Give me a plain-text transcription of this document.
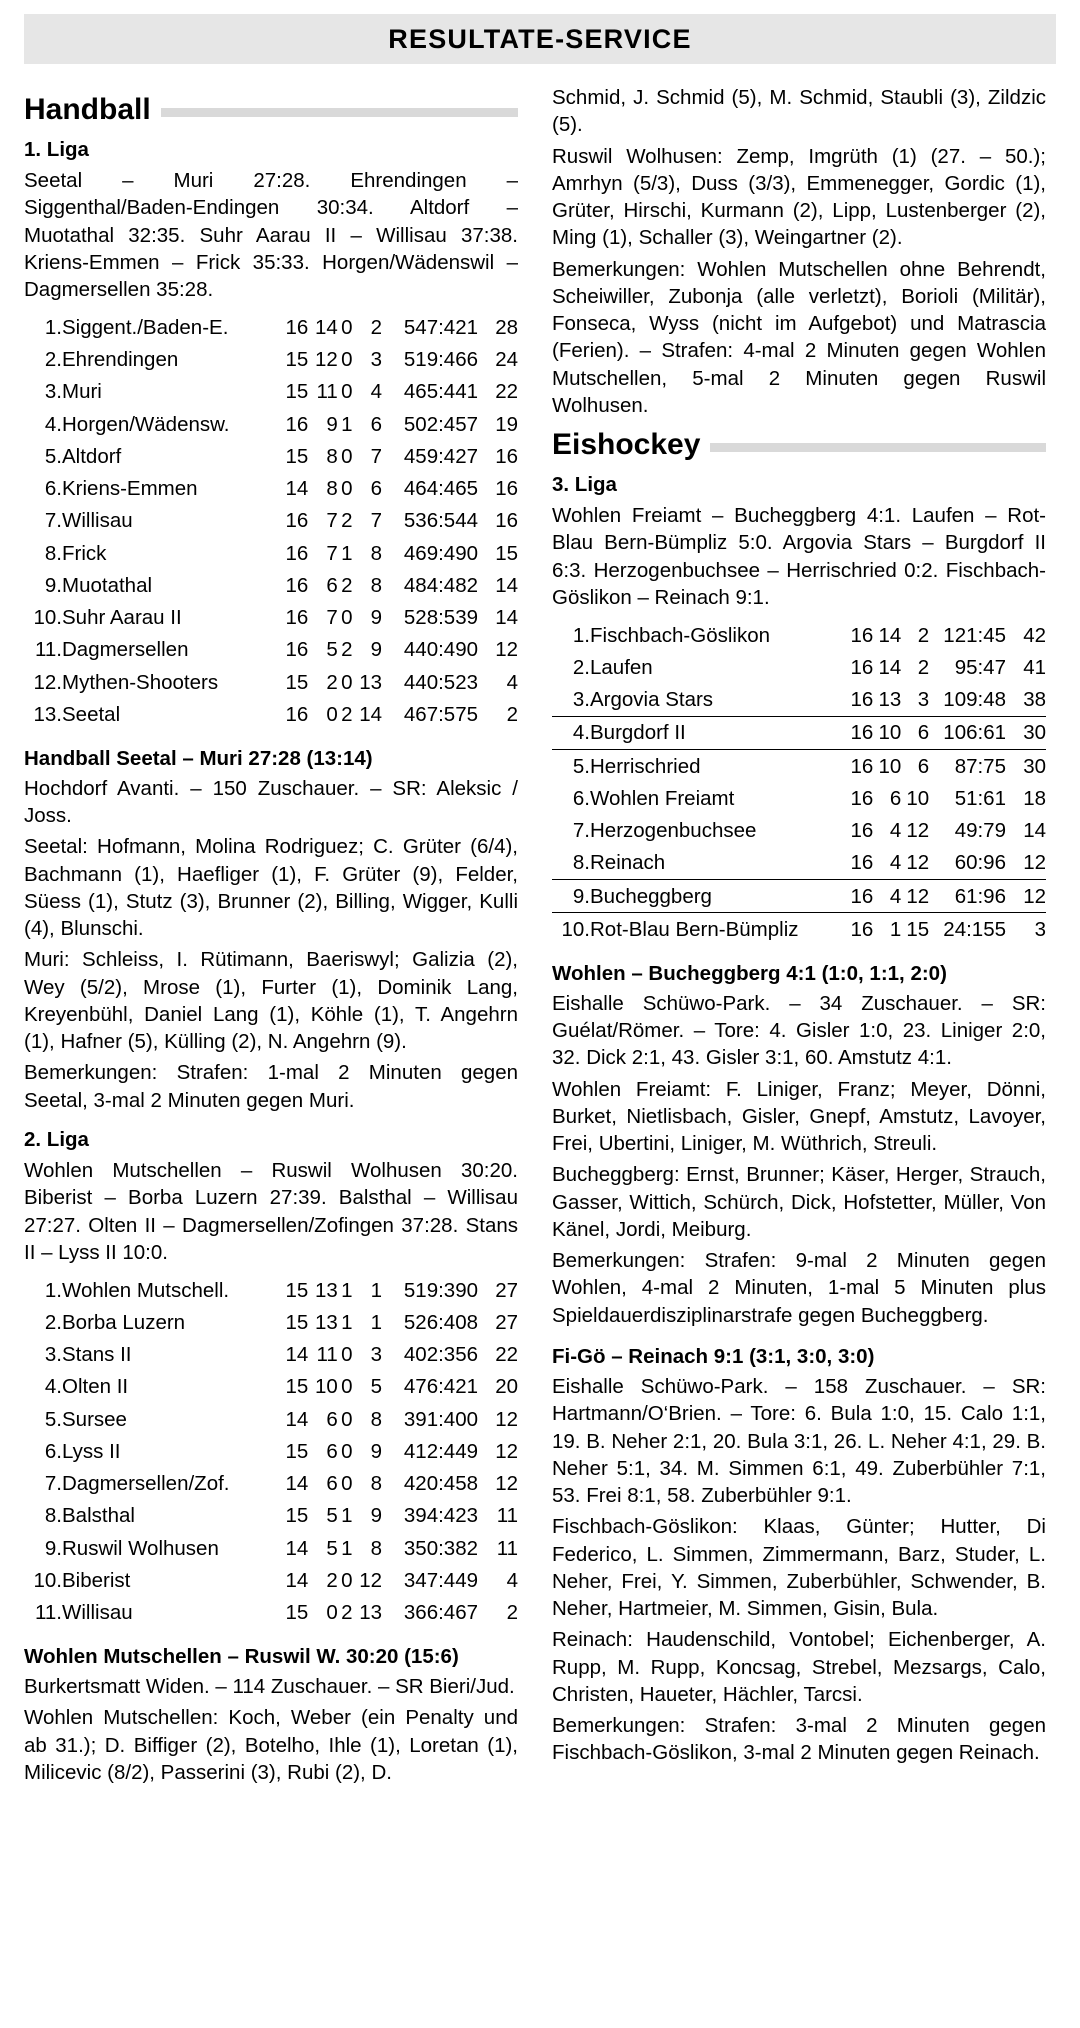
RESULTATE-SERVICE
Handball
1. Liga
Seetal – Muri 27:28. Ehrendingen – Siggenthal/Baden-Endingen 30:34. Altdorf – Muotathal 32:35. Suhr Aarau II – Willisau 37:38. Kriens-Emmen – Frick 35:33. Horgen/Wädenswil – Dagmersellen 35:28.
1.	Siggent./Baden-E.	16	14	0	2	547:421	28
2.	Ehrendingen	15	12	0	3	519:466	24
3.	Muri	15	11	0	4	465:441	22
4.	Horgen/Wädensw.	16	9	1	6	502:457	19
5.	Altdorf	15	8	0	7	459:427	16
6.	Kriens-Emmen	14	8	0	6	464:465	16
7.	Willisau	16	7	2	7	536:544	16
8.	Frick	16	7	1	8	469:490	15
9.	Muotathal	16	6	2	8	484:482	14
10.	Suhr Aarau II	16	7	0	9	528:539	14
11.	Dagmersellen	16	5	2	9	440:490	12
12.	Mythen-Shooters	15	2	0	13	440:523	4
13.	Seetal	16	0	2	14	467:575	2
Handball Seetal – Muri 27:28 (13:14)
Hochdorf Avanti. – 150 Zuschauer. – SR: Aleksic / Joss.
Seetal: Hofmann, Molina Rodriguez; C. Grüter (6/4), Bachmann (1), Haefliger (1), F. Grüter (9), Felder, Süess (1), Stutz (3), Brunner (2), Billing, Wigger, Kulli (4), Blunschi.
Muri: Schleiss, I. Rütimann, Baeriswyl; Galizia (2), Wey (5/2), Mrose (1), Furter (1), Dominik Lang, Kreyenbühl, Daniel Lang (1), Köhle (1), T. Angehrn (1), Hafner (5), Külling (2), N. Angehrn (9).
Bemerkungen: Strafen: 1-mal 2 Minuten gegen Seetal, 3-mal 2 Minuten gegen Muri.
2. Liga
Wohlen Mutschellen – Ruswil Wolhusen 30:20. Biberist – Borba Luzern 27:39. Balsthal – Willisau 27:27. Olten II – Dagmersellen/Zofingen 37:28. Stans II – Lyss II 10:0.
1.	Wohlen Mutschell.	15	13	1	1	519:390	27
2.	Borba Luzern	15	13	1	1	526:408	27
3.	Stans II	14	11	0	3	402:356	22
4.	Olten II	15	10	0	5	476:421	20
5.	Sursee	14	6	0	8	391:400	12
6.	Lyss II	15	6	0	9	412:449	12
7.	Dagmersellen/Zof.	14	6	0	8	420:458	12
8.	Balsthal	15	5	1	9	394:423	11
9.	Ruswil Wolhusen	14	5	1	8	350:382	11
10.	Biberist	14	2	0	12	347:449	4
11.	Willisau	15	0	2	13	366:467	2
Wohlen Mutschellen – Ruswil W. 30:20 (15:6)
Burkertsmatt Widen. – 114 Zuschauer. – SR Bieri/Jud.
Wohlen Mutschellen: Koch, Weber (ein Penalty und ab 31.); D. Biffiger (2), Botelho, Ihle (1), Loretan (1), Milicevic (8/2), Passerini (3), Rubi (2), D.
Schmid, J. Schmid (5), M. Schmid, Staubli (3), Zildzic (5).
Ruswil Wolhusen: Zemp, Imgrüth (1) (27. – 50.); Amrhyn (5/3), Duss (3/3), Emmenegger, Gordic (1), Grüter, Hirschi, Kurmann (2), Lipp, Lustenberger (2), Ming (1), Schaller (3), Weingartner (2).
Bemerkungen: Wohlen Mutschellen ohne Behrendt, Scheiwiller, Zubonja (alle verletzt), Borioli (Militär), Fonseca, Wyss (nicht im Aufgebot) und Matrascia (Ferien). – Strafen: 4-mal 2 Minuten gegen Wohlen Mutschellen, 5-mal 2 Minuten gegen Ruswil Wolhusen.
Eishockey
3. Liga
Wohlen Freiamt – Bucheggberg 4:1. Laufen – Rot-Blau Bern-Bümpliz 5:0. Argovia Stars – Burgdorf II 6:3. Herzogenbuchsee – Herrischried 0:2. Fischbach-Göslikon – Reinach 9:1.
1.	Fischbach-Göslikon	16	14	2	121:45	42
2.	Laufen	16	14	2	95:47	41
3.	Argovia Stars	16	13	3	109:48	38
4.	Burgdorf II	16	10	6	106:61	30
5.	Herrischried	16	10	6	87:75	30
6.	Wohlen Freiamt	16	6	10	51:61	18
7.	Herzogenbuchsee	16	4	12	49:79	14
8.	Reinach	16	4	12	60:96	12
9.	Bucheggberg	16	4	12	61:96	12
10.	Rot-Blau Bern-Bümpliz	16	1	15	24:155	3
Wohlen – Bucheggberg 4:1 (1:0, 1:1, 2:0)
Eishalle Schüwo-Park. – 34 Zuschauer. – SR: Guélat/Römer. – Tore: 4. Gisler 1:0, 23. Liniger 2:0, 32. Dick 2:1, 43. Gisler 3:1, 60. Amstutz 4:1.
Wohlen Freiamt: F. Liniger, Franz; Meyer, Dönni, Burket, Nietlisbach, Gisler, Gnepf, Amstutz, Lavoyer, Frei, Ubertini, Liniger, M. Wüthrich, Streuli.
Bucheggberg: Ernst, Brunner; Käser, Herger, Strauch, Gasser, Wittich, Schürch, Dick, Hofstetter, Müller, Von Känel, Jordi, Meiburg.
Bemerkungen: Strafen: 9-mal 2 Minuten gegen Wohlen, 4-mal 2 Minuten, 1-mal 5 Minuten plus Spieldauerdisziplinarstrafe gegen Bucheggberg.
Fi-Gö – Reinach 9:1 (3:1, 3:0, 3:0)
Eishalle Schüwo-Park. – 158 Zuschauer. – SR: Hartmann/O‘Brien. – Tore: 6. Bula 1:0, 15. Calo 1:1, 19. B. Neher 2:1, 20. Bula 3:1, 26. L. Neher 4:1, 29. B. Neher 5:1, 34. M. Simmen 6:1, 49. Zuberbühler 7:1, 53. Frei 8:1, 58. Zuberbühler 9:1.
Fischbach-Göslikon: Klaas, Günter; Hutter, Di Federico, L. Simmen, Zimmermann, Barz, Studer, L. Neher, Frei, Y. Simmen, Zuberbühler, Schwender, B. Neher, Hartmeier, M. Simmen, Gisin, Bula.
Reinach: Haudenschild, Vontobel; Eichenberger, A. Rupp, M. Rupp, Koncsag, Strebel, Mezsargs, Calo, Christen, Haueter, Hächler, Tarcsi.
Bemerkungen: Strafen: 3-mal 2 Minuten gegen Fischbach-Göslikon, 3-mal 2 Minuten gegen Reinach.
